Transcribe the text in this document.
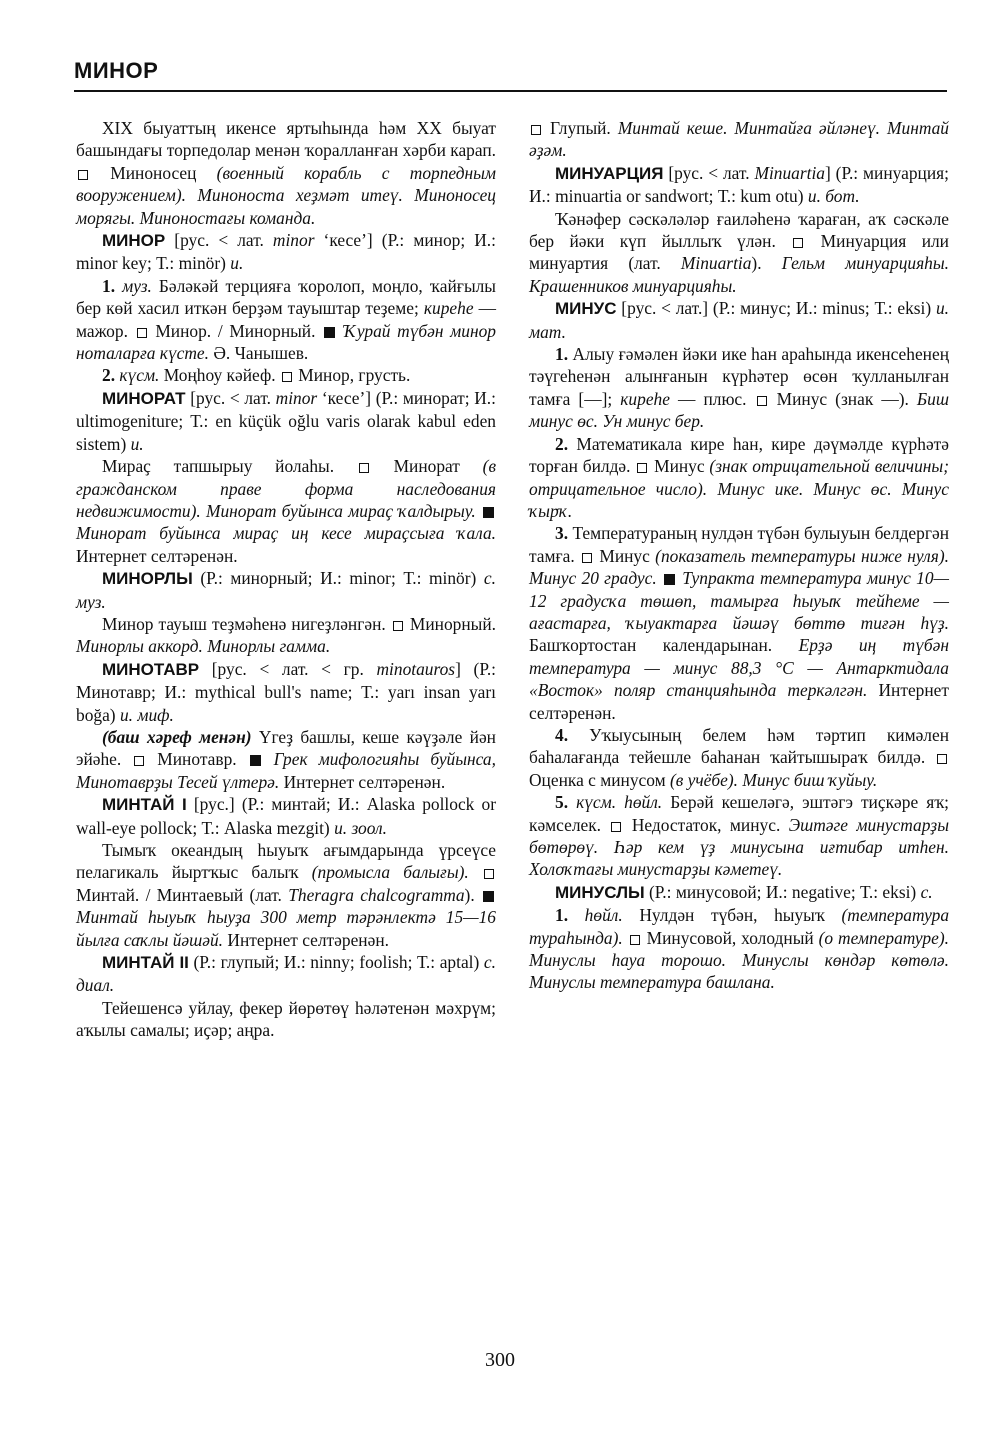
МИНОР

XIX быуаттың икенсе яртыһында һәм XX быуат башындағы торпедолар менән ҡоралланған хәрби карап.  Миноносец (военный корабль с торпедным вооружением). Миноноста хеҙмәт итеү. Миноносец морягы. Миноностағы команда.

МИНОР [рус. < лат. minor ‘кесе’] (Р.: минор; И.: minor key; Т.: minör) и.

1. муз. Бәләкәй терцияға ҡоролоп, моңло, ҡайғылы бер көй хасил иткән берҙәм тауыштар теҙеме; киреһе — мажор.  Минор. / Минорный.  Ҡурай түбән минор ноталарға күсте. Ә. Чанышев.

2. күсм. Моңһоу кәйеф.  Минор, грусть.

МИНОРАТ [рус. < лат. minor ‘кесе’] (Р.: минорат; И.: ultimogeniture; Т.: en küçük oğlu varis olarak kabul eden sistem) и.

Мираҫ тапшырыу йолаһы.  Минорат (в гражданском праве форма наследования недвижимости). Минорат буйынса мираҫ ҡалдырыу.  Минорат буйынса мираҫ иң кесе мираҫсыға ҡала. Интернет селтәренән.

МИНОРЛЫ (Р.: минорный; И.: minor; Т.: minör) с. муз.

Минор тауыш теҙмәһенә нигеҙләнгән.  Минорный. Минорлы аккорд. Минорлы гамма.

МИНОТАВР [рус. < лат. < гр. minotauros] (Р.: Минотавр; И.: mythical bull's name; Т.: yarı insan yarı boğa) и. миф.

(баш хәреф менән) Үгеҙ башлы, кеше кәүҙәле йән эйәһе.  Минотавр.  Грек мифологияһы буйынса, Минотаврҙы Тесей үлтерә. Интернет селтәренән.

МИНТАЙ I [рус.] (Р.: минтай; И.: Alaska pollock or wall-eye pollock; Т.: Alaska mezgit) и. зоол.

Тымыҡ океандың һыуыҡ ағымдарында үрсеүсе пелагикаль йыртҡыс балыҡ (промысла балығы).  Минтай. / Минтаевый (лат. Theragra chalcogramma).  Минтай һыуыҡ һыуҙа 300 метр тәрәнлектә 15—16 йылға саҡлы йәшәй. Интернет селтәренән.

МИНТАЙ II (Р.: глупый; И.: ninny; foolish; Т.: aptal) с. диал.

Тейешенсә уйлау, фекер йөрөтөү һәләтенән мәхрүм; аҡылы самалы; иҫәр; аңра.

Глупый. Минтай кеше. Минтайға әйләнеү. Минтай әҙәм.

МИНУАРЦИЯ [рус. < лат. Minuartia] (Р.: минуарция; И.: minuartia or sandwort; Т.: kum otu) и. бот.

Ҡәнәфер сәскәләләр ғаиләһенә ҡараған, аҡ сәскәле бер йәки күп йыллыҡ үлән.  Минуарция или минуартия (лат. Minuartia). Гельм минуарцияһы. Крашенников минуарцияһы.

МИНУС [рус. < лат.] (Р.: минус; И.: minus; Т.: eksi) и. мат.

1. Алыу ғәмәлен йәки ике һан араһында икенсеһенең тәүгеһенән алынғанын күрһәтер өсөн ҡулланылған тамға [—]; киреһе — плюс.  Минус (знак —). Биш минус өс. Ун минус бер.

2. Математикала кире һан, кире дәүмәлде күрһәтә торған билдә.  Минус (знак отрицательной величины; отрицательное число). Минус ике. Минус өс. Минус ҡырҡ.

3. Температураның нулдән түбән булыуын белдергән тамға.  Минус (показатель температуры ниже нуля). Минус 20 градус.  Тупракта температура минус 10—12 градусҡа төшөп, тамырға һыуыҡ тейһеме — ағастарға, ҡыуактарға йәшәү бөттө тиғән һүҙ. Башҡортостан календарынан. Ерҙә иң түбән температура — минус 88,3 °С — Антарктидала «Восток» поляр станцияһында теркәлгән. Интернет селтәренән.

4. Уҡыусының белем һәм тәртип кимәлен баһалағанда тейешле баһанан ҡайтышыраҡ билдә.  Оценка с минусом (в учёбе). Минус биш ҡуйыу.

5. күсм. һөйл. Берәй кешеләгә, эштәгэ тиҫкәре яҡ; кәмселек.  Недостаток, минус. Эштәге минустарҙы бөтөрөү. Һәр кем үҙ минусына иғтибар итһен. Холоҡтағы минустарҙы кәметеү.

МИНУСЛЫ (Р.: минусовой; И.: negative; Т.: eksi) с.

1. һөйл. Нулдән түбән, һыуыҡ (температура тураһында).  Минусовой, холодный (о температуре). Минуслы һауа торошо. Минуслы көндәр көтөлә. Минуслы температура башлана.

300
